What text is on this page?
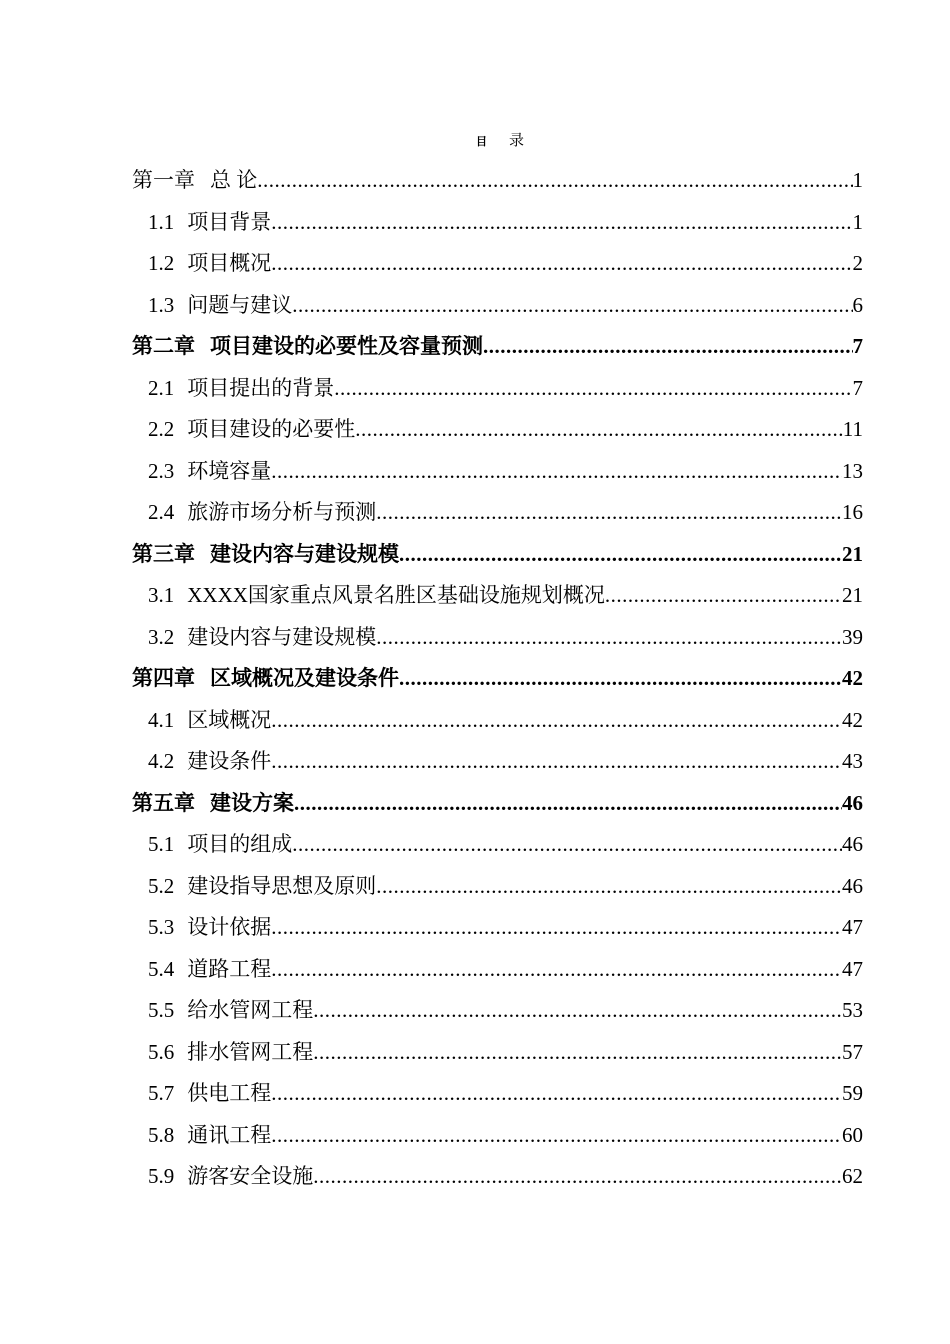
目 录
第一章 总 论 .....	1
1.1 项目背景 .....	1
1.2 项目概况 .....	2
1.3 问题与建议 .....	6
第二章 项目建设的必要性及容量预测 .....	7
2.1 项目提出的背景 .....	7
2.2 项目建设的必要性 .....	11
2.3 环境容量 .....	13
2.4 旅游市场分析与预测 .....	16
第三章 建设内容与建设规模 .....	21
3.1 XXXX国家重点风景名胜区基础设施规划概况 .....	21
3.2 建设内容与建设规模 .....	39
第四章 区域概况及建设条件 .....	42
4.1 区域概况 .....	42
4.2 建设条件 .....	43
第五章 建设方案 .....	46
5.1 项目的组成 .....	46
5.2 建设指导思想及原则 .....	46
5.3 设计依据 .....	47
5.4 道路工程 .....	47
5.5 给水管网工程 .....	53
5.6 排水管网工程 .....	57
5.7 供电工程 .....	59
5.8 通讯工程 .....	60
5.9 游客安全设施 .....	62
